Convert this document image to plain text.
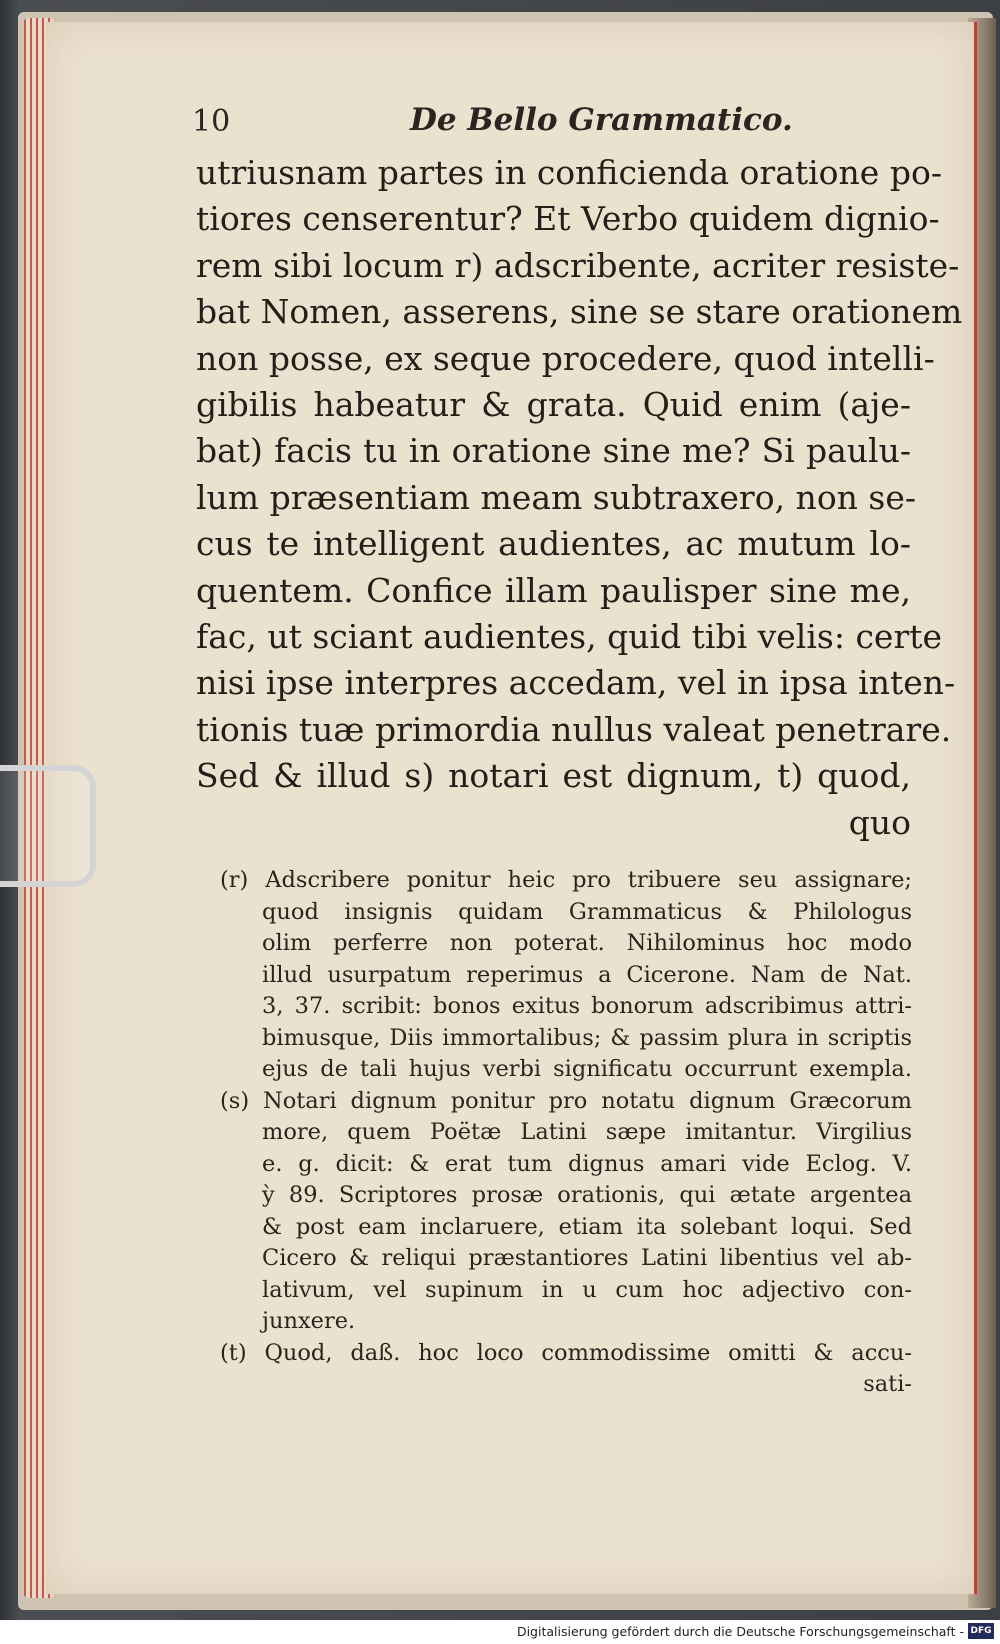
10	De Bello Grammatico.
utriusnam partes in conficienda oratione po-
tiores censerentur? Et Verbo quidem dignio-
rem sibi locum r) adscribente, acriter resiste-
bat Nomen, asserens, sine se stare orationem
non posse, ex seque procedere, quod intelli-
gibilis habeatur & grata. Quid enim (aje-
bat) facis tu in oratione sine me? Si paulu-
lum præsentiam meam subtraxero, non se-
cus te intelligent audientes, ac mutum lo-
quentem. Confice illam paulisper sine me,
fac, ut sciant audientes, quid tibi velis: certe
nisi ipse interpres accedam, vel in ipsa inten-
tionis tuæ primordia nullus valeat penetrare.
Sed & illud s) notari est dignum, t) quod,
quo
(r) Adscribere ponitur heic pro tribuere seu assignare;
quod insignis quidam Grammaticus & Philologus
olim perferre non poterat. Nihilominus hoc modo
illud usurpatum reperimus a Cicerone. Nam de Nat.
3, 37. scribit: bonos exitus bonorum adscribimus attri-
bimusque, Diis immortalibus; & passim plura in scriptis
ejus de tali hujus verbi significatu occurrunt exempla.
(s) Notari dignum ponitur pro notatu dignum Græcorum
more, quem Poëtæ Latini sæpe imitantur. Virgilius
e. g. dicit: & erat tum dignus amari vide Eclog. V.
ỳ 89. Scriptores prosæ orationis, qui ætate argentea
& post eam inclaruere, etiam ita solebant loqui. Sed
Cicero & reliqui præstantiores Latini libentius vel ab-
lativum, vel supinum in u cum hoc adjectivo con-
junxere.
(t) Quod, daß. hoc loco commodissime omitti & accu-
sati-
Digitalisierung gefördert durch die Deutsche Forschungsgemeinschaft - DFG
